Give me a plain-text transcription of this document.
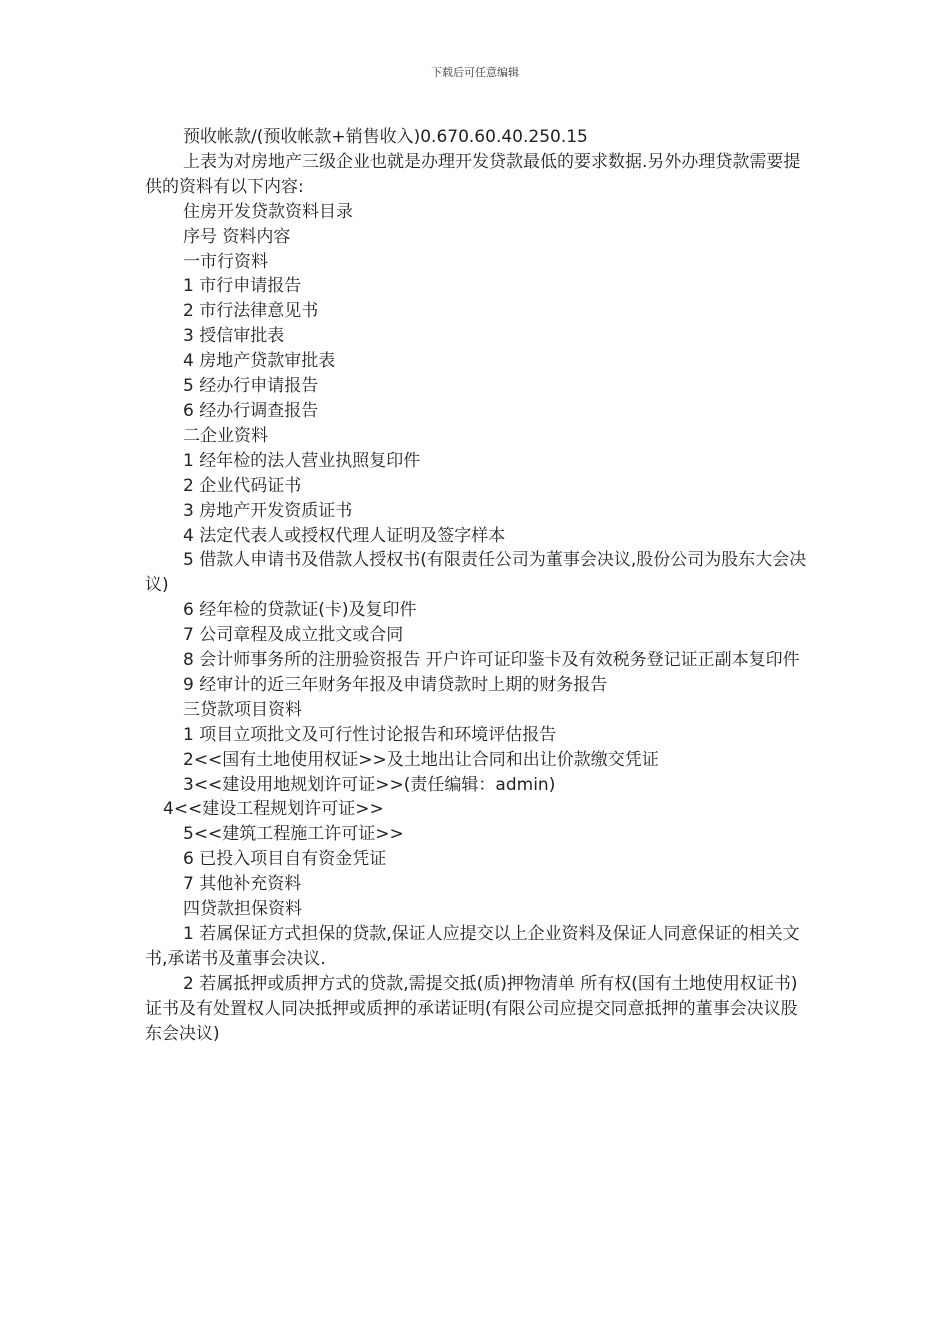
下载后可任意编辑

预收帐款/(预收帐款+销售收入)0.670.60.40.250.15

上表为对房地产三级企业也就是办理开发贷款最低的要求数据.另外办理贷款需要提供的资料有以下内容:

住房开发贷款资料目录

序号 资料内容

一市行资料

1 市行申请报告

2 市行法律意见书

3 授信审批表

4 房地产贷款审批表

5 经办行申请报告

6 经办行调查报告

二企业资料

1 经年检的法人营业执照复印件

2 企业代码证书

3 房地产开发资质证书

4 法定代表人或授权代理人证明及签字样本

5 借款人申请书及借款人授权书(有限责任公司为董事会决议,股份公司为股东大会决议)

6 经年检的贷款证(卡)及复印件

7 公司章程及成立批文或合同

8 会计师事务所的注册验资报告 开户许可证印鉴卡及有效税务登记证正副本复印件

9 经审计的近三年财务年报及申请贷款时上期的财务报告

三贷款项目资料

1 项目立项批文及可行性讨论报告和环境评估报告

2<<国有土地使用权证>>及土地出让合同和出让价款缴交凭证

3<<建设用地规划许可证>>(责任编辑：admin)

4<<建设工程规划许可证>>

5<<建筑工程施工许可证>>

6 已投入项目自有资金凭证

7 其他补充资料

四贷款担保资料

1 若属保证方式担保的贷款,保证人应提交以上企业资料及保证人同意保证的相关文书,承诺书及董事会决议.

2 若属抵押或质押方式的贷款,需提交抵(质)押物清单 所有权(国有土地使用权证书)证书及有处置权人同决抵押或质押的承诺证明(有限公司应提交同意抵押的董事会决议股东会决议)
